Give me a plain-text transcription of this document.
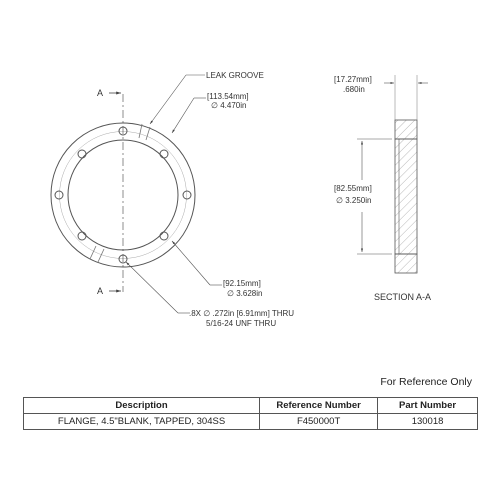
A
A
LEAK GROOVE
[113.54mm]
∅ 4.470in
[92.15mm]
∅ 3.628in
.8X ∅ .272in [6.91mm] THRU
5/16-24 UNF THRU
[17.27mm]
.680in
[82.55mm]
∅ 3.250in
SECTION A-A
For Reference Only
Description	Reference Number	Part Number
FLANGE, 4.5"BLANK, TAPPED, 304SS	F450000T	130018
